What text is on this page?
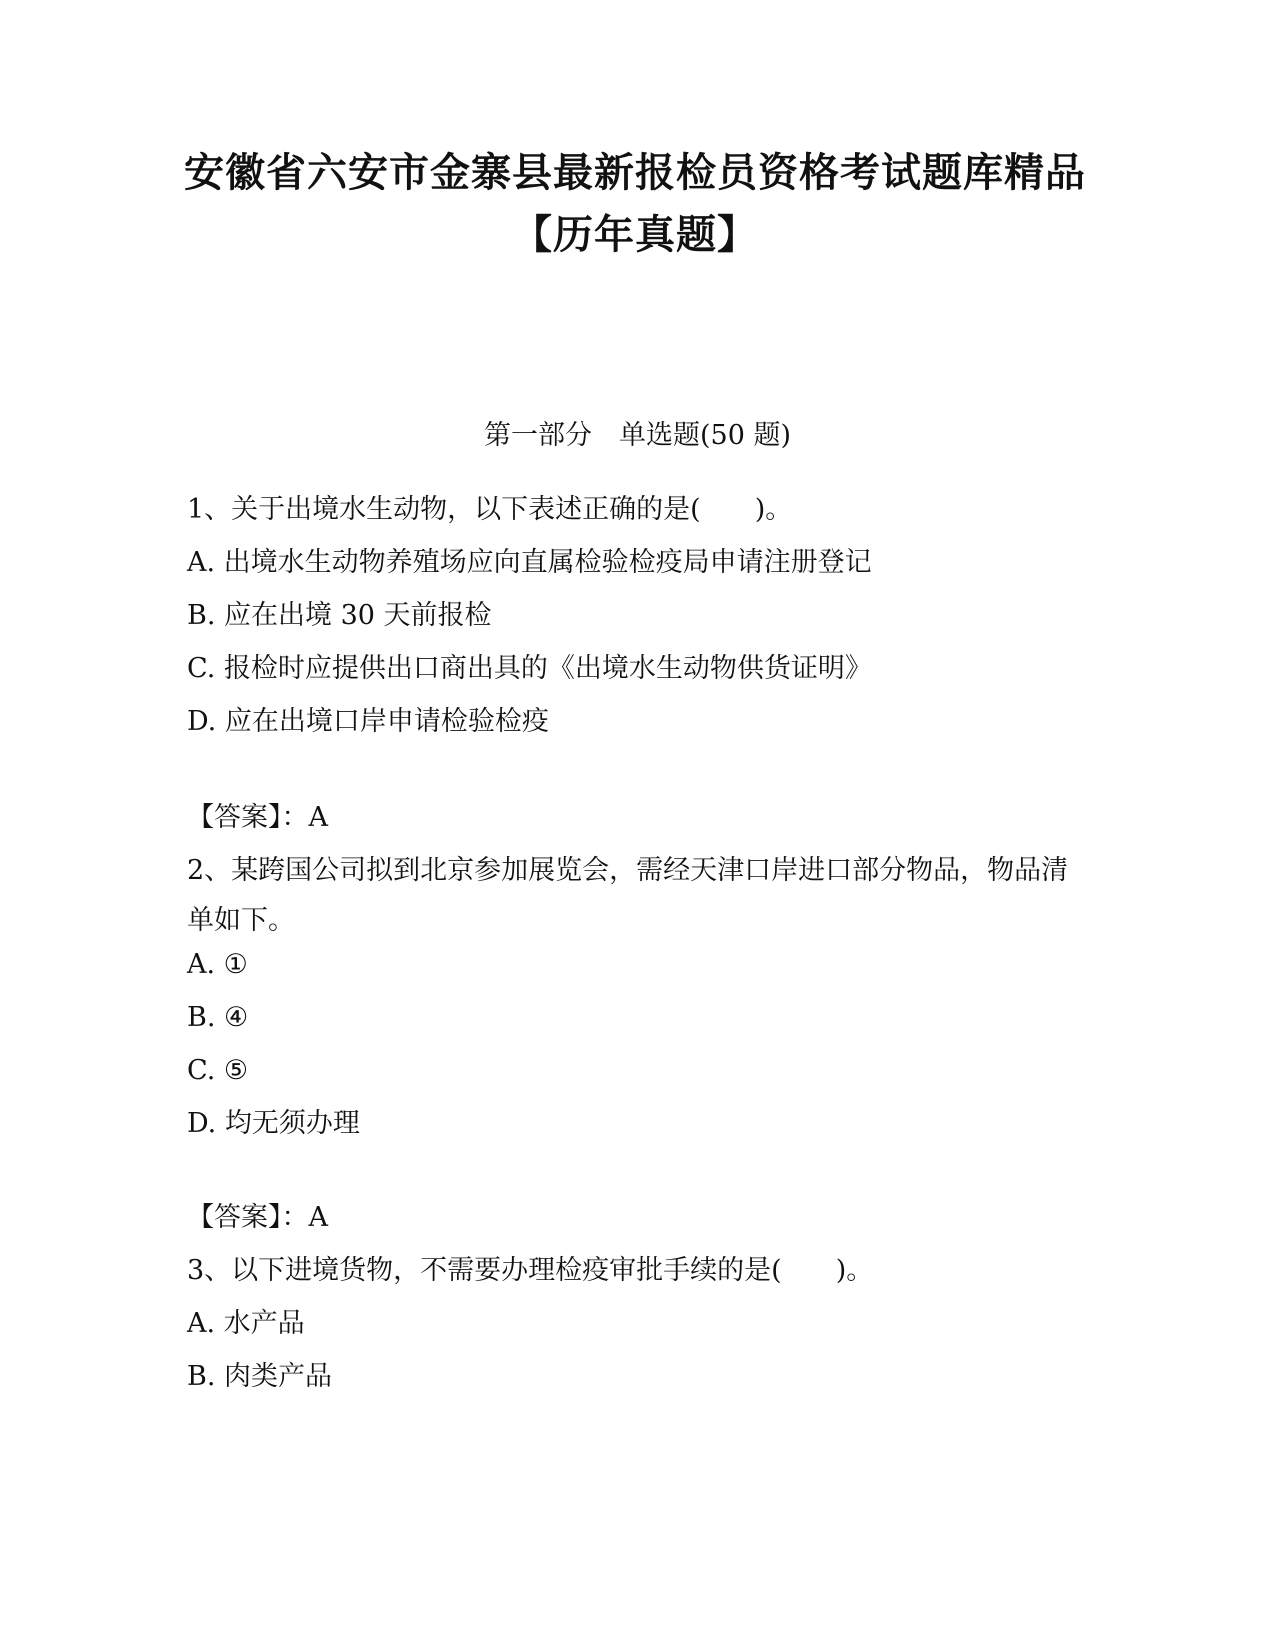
安徽省六安市金寨县最新报检员资格考试题库精品【历年真题】
第一部分　单选题(50 题)
1、关于出境水生动物，以下表述正确的是(　　)。
A. 出境水生动物养殖场应向直属检验检疫局申请注册登记
B. 应在出境 30 天前报检
C. 报检时应提供出口商出具的《出境水生动物供货证明》
D. 应在出境口岸申请检验检疫
【答案】：A
2、某跨国公司拟到北京参加展览会，需经天津口岸进口部分物品，物品清单如下。
A. ①
B. ④
C. ⑤
D. 均无须办理
【答案】：A
3、以下进境货物，不需要办理检疫审批手续的是(　　)。
A. 水产品
B. 肉类产品
